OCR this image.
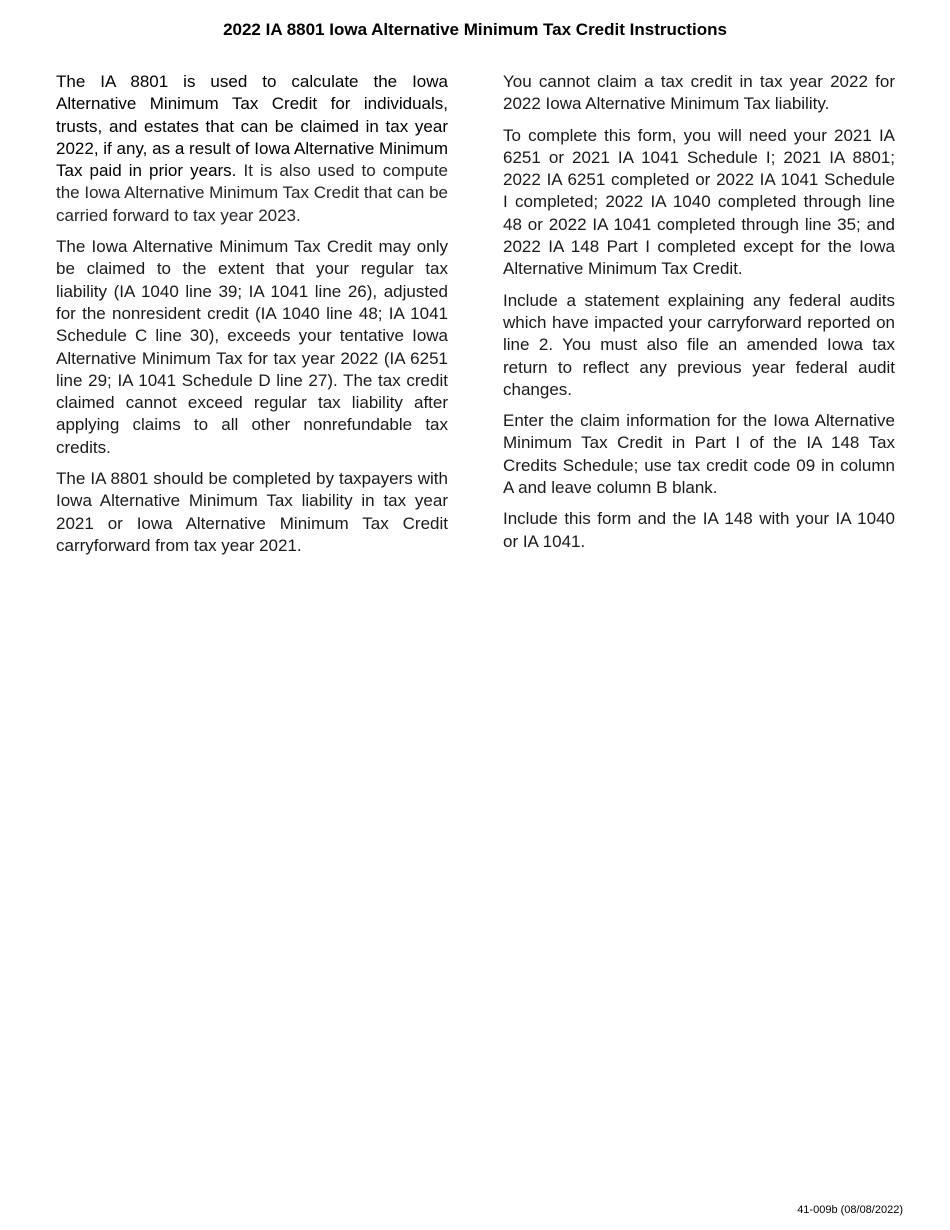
2022 IA 8801 Iowa Alternative Minimum Tax Credit Instructions

The IA 8801 is used to calculate the Iowa Alternative Minimum Tax Credit for individuals, trusts, and estates that can be claimed in tax year 2022, if any, as a result of Iowa Alternative Minimum Tax paid in prior years. It is also used to compute the Iowa Alternative Minimum Tax Credit that can be carried forward to tax year 2023.

The Iowa Alternative Minimum Tax Credit may only be claimed to the extent that your regular tax liability (IA 1040 line 39; IA 1041 line 26), adjusted for the nonresident credit (IA 1040 line 48; IA 1041 Schedule C line 30), exceeds your tentative Iowa Alternative Minimum Tax for tax year 2022 (IA 6251 line 29; IA 1041 Schedule D line 27). The tax credit claimed cannot exceed regular tax liability after applying claims to all other nonrefundable tax credits.

The IA 8801 should be completed by taxpayers with Iowa Alternative Minimum Tax liability in tax year 2021 or Iowa Alternative Minimum Tax Credit carryforward from tax year 2021.

You cannot claim a tax credit in tax year 2022 for 2022 Iowa Alternative Minimum Tax liability.

To complete this form, you will need your 2021 IA 6251 or 2021 IA 1041 Schedule I; 2021 IA 8801; 2022 IA 6251 completed or 2022 IA 1041 Schedule I completed; 2022 IA 1040 completed through line 48 or 2022 IA 1041 completed through line 35; and 2022 IA 148 Part I completed except for the Iowa Alternative Minimum Tax Credit.

Include a statement explaining any federal audits which have impacted your carryforward reported on line 2. You must also file an amended Iowa tax return to reflect any previous year federal audit changes.

Enter the claim information for the Iowa Alternative Minimum Tax Credit in Part I of the IA 148 Tax Credits Schedule; use tax credit code 09 in column A and leave column B blank.

Include this form and the IA 148 with your IA 1040 or IA 1041.

41-009b (08/08/2022)
